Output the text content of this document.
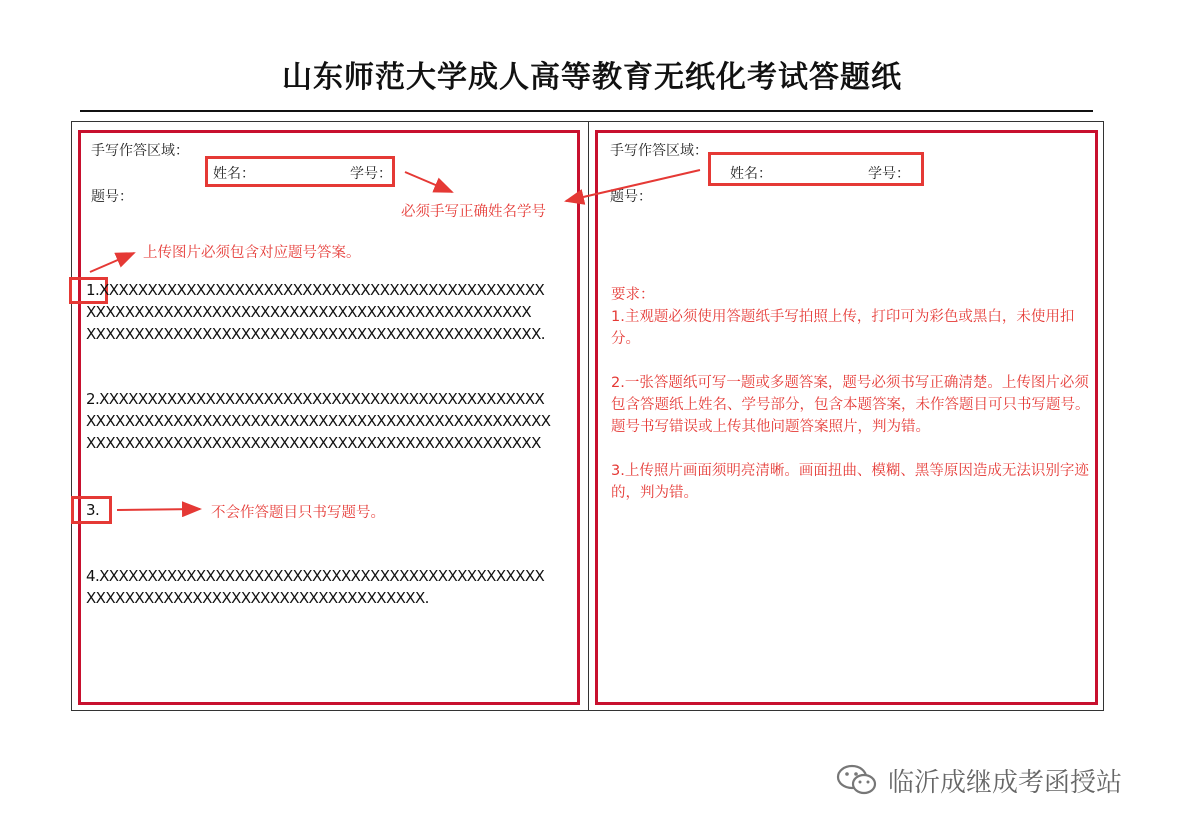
山东师范大学成人高等教育无纸化考试答题纸
手写作答区域：
姓名：	学号：
题号：
必须手写正确姓名学号
上传图片必须包含对应题号答案。
1.XXXXXXXXXXXXXXXXXXXXXXXXXXXXXXXXXXXXXXXXXXXXXX
XXXXXXXXXXXXXXXXXXXXXXXXXXXXXXXXXXXXXXXXXXXXXX
XXXXXXXXXXXXXXXXXXXXXXXXXXXXXXXXXXXXXXXXXXXXXXX.
2.XXXXXXXXXXXXXXXXXXXXXXXXXXXXXXXXXXXXXXXXXXXXXX
XXXXXXXXXXXXXXXXXXXXXXXXXXXXXXXXXXXXXXXXXXXXXXXX
XXXXXXXXXXXXXXXXXXXXXXXXXXXXXXXXXXXXXXXXXXXXXXX
3.	不会作答题目只书写题号。
4.XXXXXXXXXXXXXXXXXXXXXXXXXXXXXXXXXXXXXXXXXXXXXX
XXXXXXXXXXXXXXXXXXXXXXXXXXXXXXXXXXX.
手写作答区域：
姓名：	学号：
题号：

要求：

1.主观题必须使用答题纸手写拍照上传，打印可为彩色或黑白，未使用扣分。

2.一张答题纸可写一题或多题答案，题号必须书写正确清楚。上传图片必须包含答题纸上姓名、学号部分，包含本题答案，未作答题目可只书写题号。题号书写错误或上传其他问题答案照片，判为错。

3.上传照片画面须明亮清晰。画面扭曲、模糊、黑等原因造成无法识别字迹的，判为错。

临沂成继成考函授站
